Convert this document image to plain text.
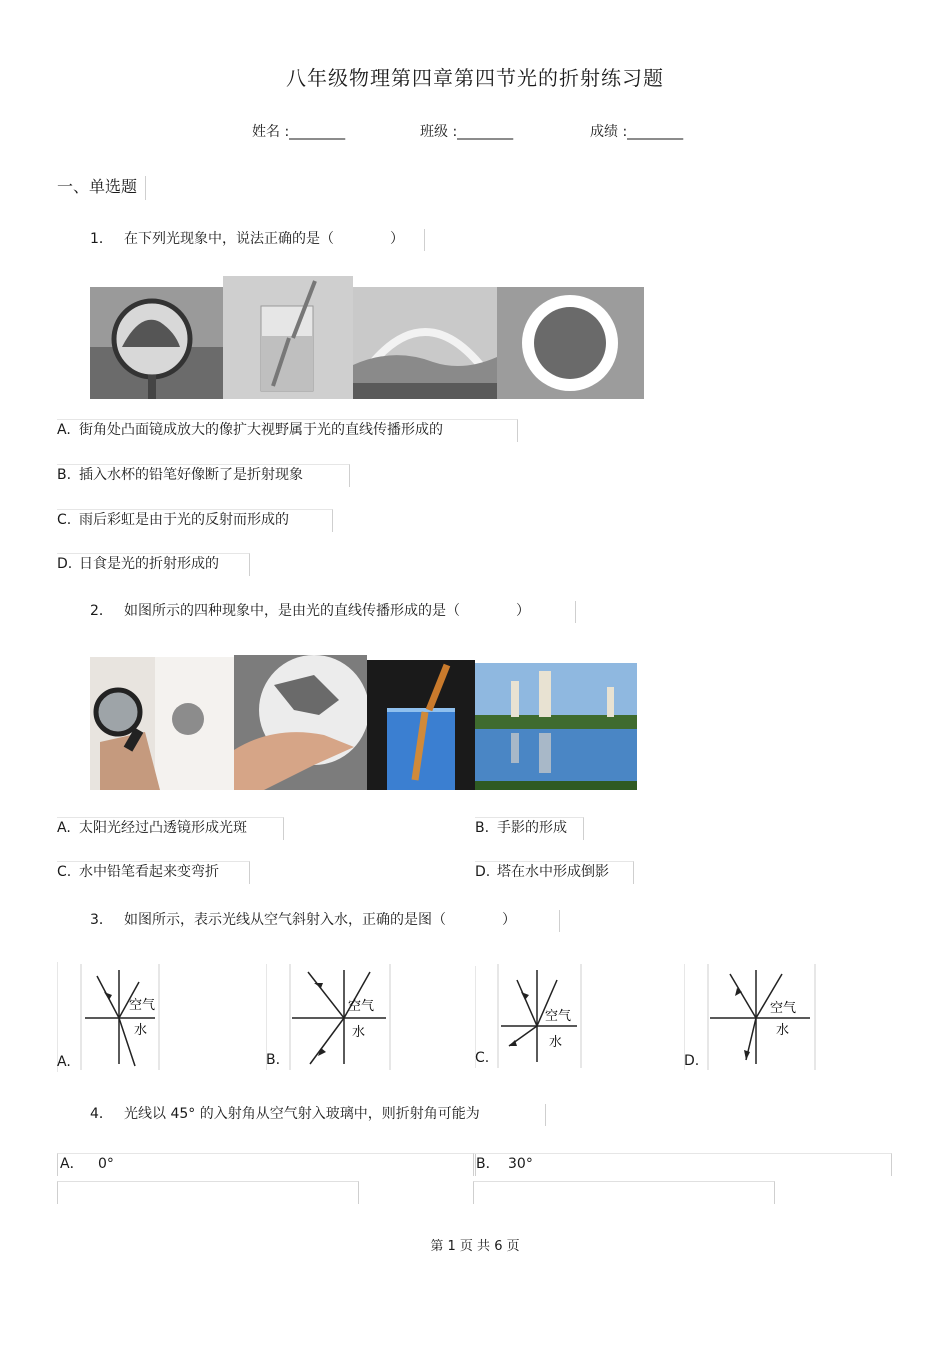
八年级物理第四章第四节光的折射练习题
姓名 :________	班级 :________	成绩 :________
一、单选题
1． 在下列光现象中，说法正确的是（　　　　）
A. 街角处凸面镜成放大的像扩大视野属于光的直线传播形成的
B. 插入水杯的铅笔好像断了是折射现象
C. 雨后彩虹是由于光的反射而形成的
D. 日食是光的折射形成的
2． 如图所示的四种现象中，是由光的直线传播形成的是（　　　　）
A. 太阳光经过凸透镜形成光斑	B. 手影的形成
C. 水中铅笔看起来变弯折	D. 塔在水中形成倒影
3． 如图所示，表示光线从空气斜射入水，正确的是图（　　　　）
空气
水
空气
水
空气
水
空气
水
A.	B.	C.	D.
4． 光线以 45° 的入射角从空气射入玻璃中，则折射角可能为
A． 0°	B． 30°
第 1 页 共 6 页
